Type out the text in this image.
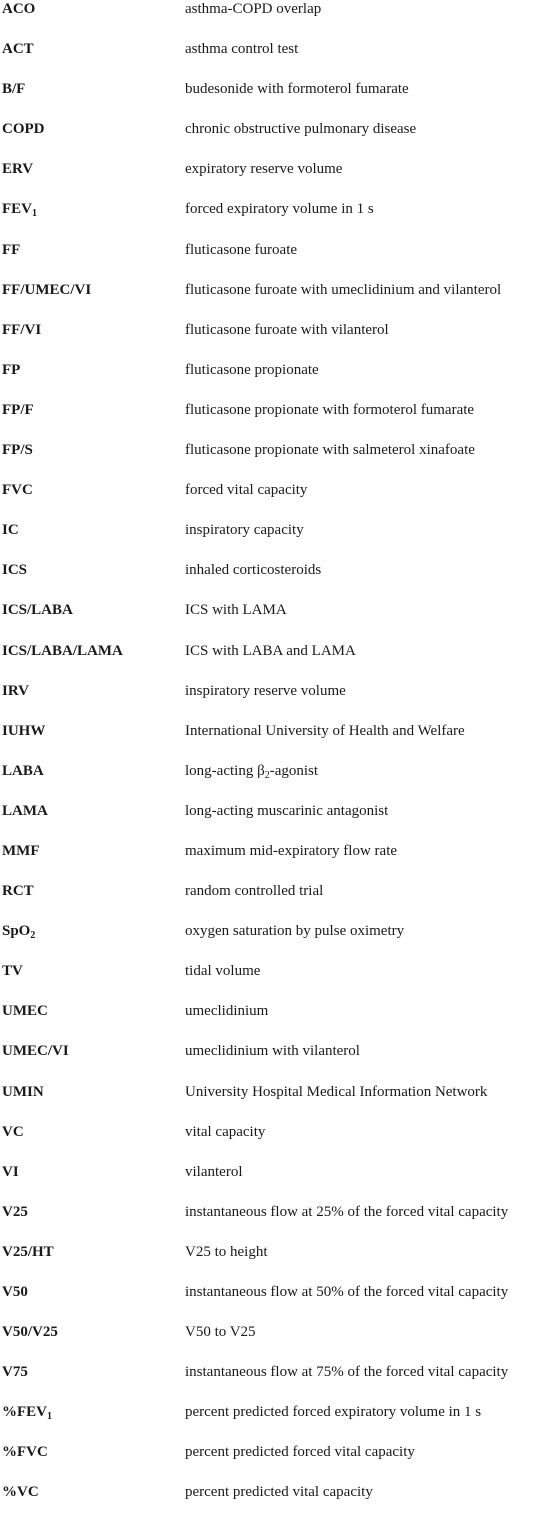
ACO	asthma-COPD overlap
ACT	asthma control test
B/F	budesonide with formoterol fumarate
COPD	chronic obstructive pulmonary disease
ERV	expiratory reserve volume
$FEV_1$	forced expiratory volume in 1 s
FF	fluticasone furoate
FF/UMEC/VI	fluticasone furoate with umeclidinium and vilanterol
FF/VI	fluticasone furoate with vilanterol
FP	fluticasone propionate
FP/F	fluticasone propionate with formoterol fumarate
FP/S	fluticasone propionate with salmeterol xinafoate
FVC	forced vital capacity
IC	inspiratory capacity
ICS	inhaled corticosteroids
ICS/LABA	ICS with LAMA
ICS/LABA/LAMA	ICS with LABA and LAMA
IRV	inspiratory reserve volume
IUHW	International University of Health and Welfare
LABA	long-acting $\beta_2$-agonist
LAMA	long-acting muscarinic antagonist
MMF	maximum mid-expiratory flow rate
RCT	random controlled trial
SpO$_2$	oxygen saturation by pulse oximetry
TV	tidal volume
UMEC	umeclidinium
UMEC/VI	umeclidinium with vilanterol
UMIN	University Hospital Medical Information Network
VC	vital capacity
VI	vilanterol
V25	instantaneous flow at 25% of the forced vital capacity
V25/HT	V25 to height
V50	instantaneous flow at 50% of the forced vital capacity
V50/V25	V50 to V25
V75	instantaneous flow at 75% of the forced vital capacity
$\%FEV_1$	percent predicted forced expiratory volume in 1 s
%FVC	percent predicted forced vital capacity
%VC	percent predicted vital capacity
